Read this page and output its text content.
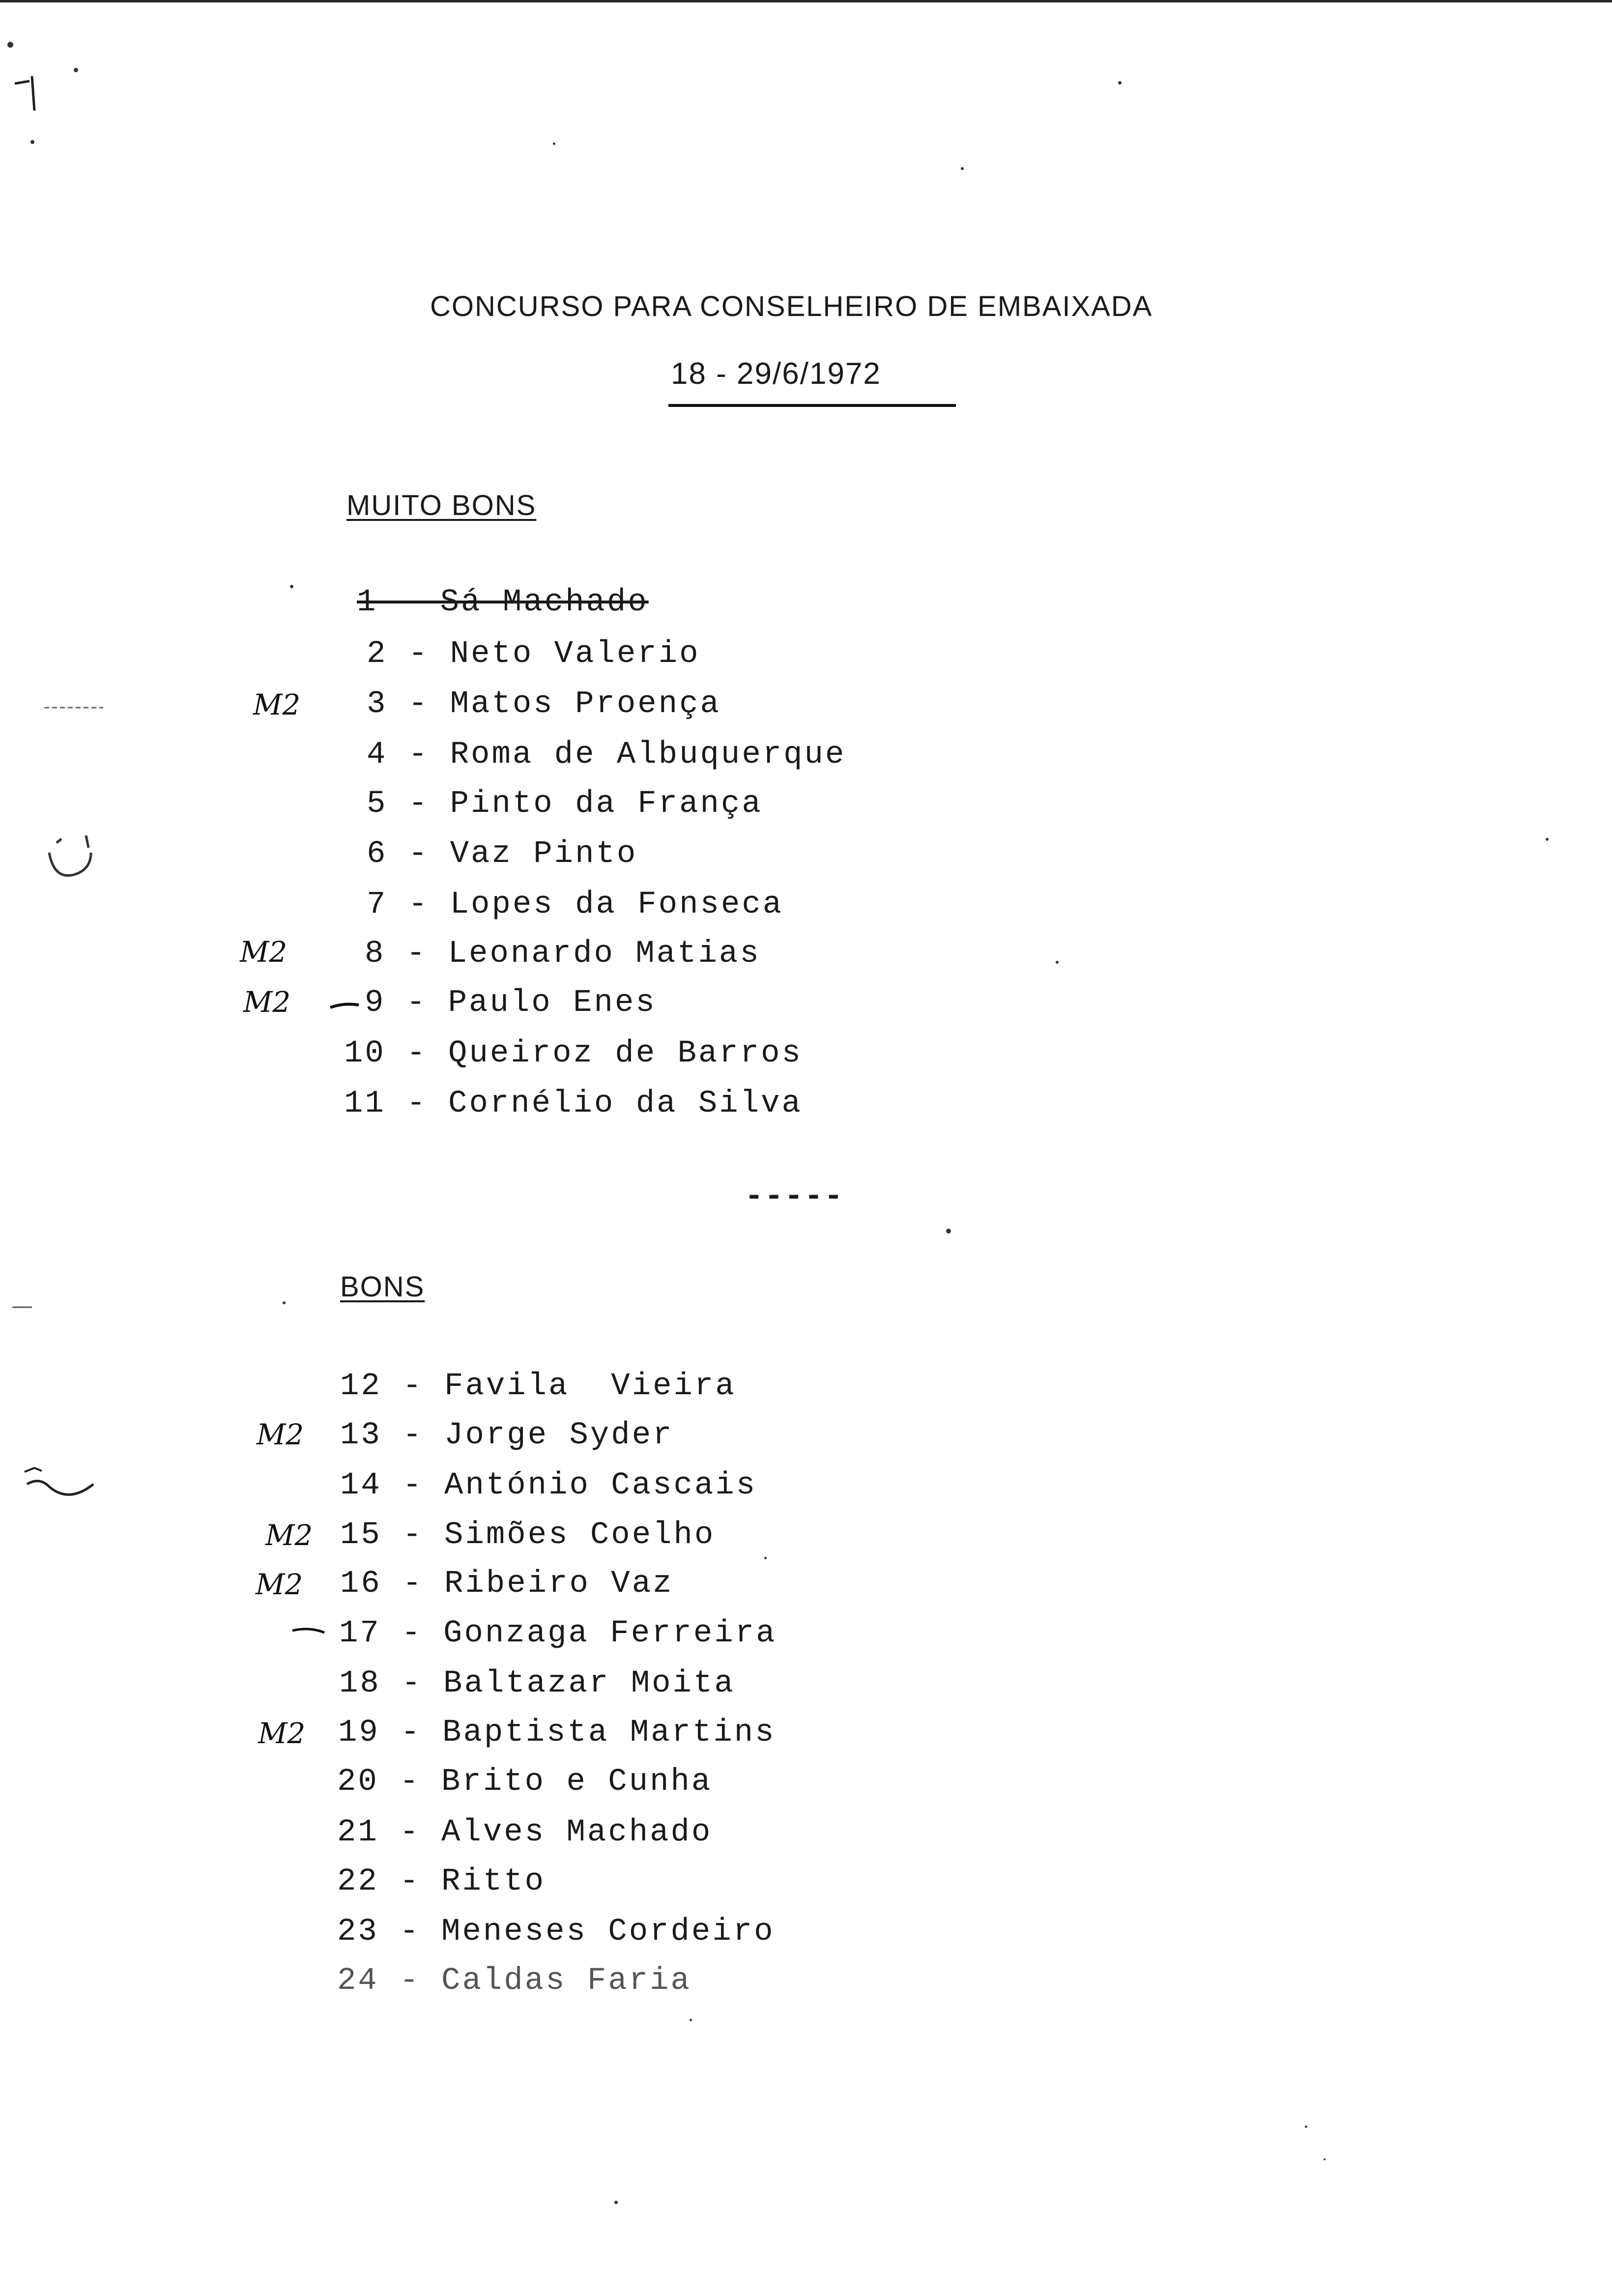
CONCURSO PARA CONSELHEIRO DE EMBAIXADA
18 - 29/6/1972
MUITO BONS
1 - Sá Machado
2 - Neto Valerio
3 - Matos Proença
4 - Roma de Albuquerque
5 - Pinto da França
6 - Vaz Pinto
7 - Lopes da Fonseca
8 - Leonardo Matias
9 - Paulo Enes
10 - Queiroz de Barros
11 - Cornélio da Silva
-----
BONS
12 - Favila  Vieira
13 - Jorge Syder
14 - António Cascais
15 - Simões Coelho
16 - Ribeiro Vaz
17 - Gonzaga Ferreira
18 - Baltazar Moita
19 - Baptista Martins
20 - Brito e Cunha
21 - Alves Machado
22 - Ritto
23 - Meneses Cordeiro
24 - Caldas Faria
M2
M2
M2
M2
M2
M2
M2
